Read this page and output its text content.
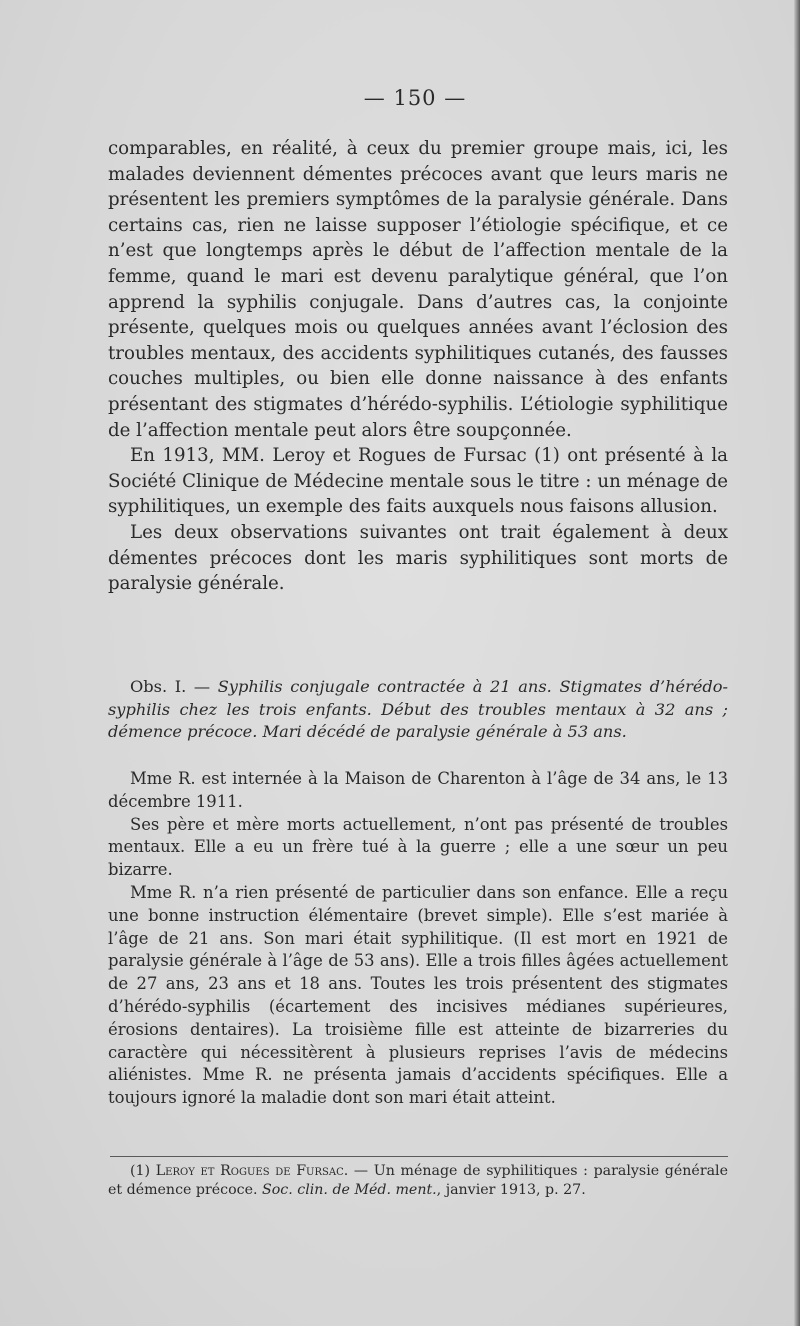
— 150 —

comparables, en réalité, à ceux du premier groupe mais, ici, les malades deviennent démentes précoces avant que leurs maris ne présentent les premiers symptômes de la paralysie générale. Dans certains cas, rien ne laisse supposer l’étiologie spécifique, et ce n’est que longtemps après le début de l’affection mentale de la femme, quand le mari est devenu paralytique général, que l’on apprend la syphilis conjugale. Dans d’autres cas, la conjointe présente, quelques mois ou quelques années avant l’éclosion des troubles mentaux, des accidents syphilitiques cutanés, des fausses couches multiples, ou bien elle donne naissance à des enfants présentant des stigmates d’hérédo-syphilis. L’étiologie syphilitique de l’affection mentale peut alors être soupçonnée.

En 1913, MM. Leroy et Rogues de Fursac (1) ont présenté à la Société Clinique de Médecine mentale sous le titre : un ménage de syphilitiques, un exemple des faits auxquels nous faisons allusion.

Les deux observations suivantes ont trait également à deux démentes précoces dont les maris syphilitiques sont morts de paralysie générale.

Obs. I. — Syphilis conjugale contractée à 21 ans. Stigmates d’hérédo-syphilis chez les trois enfants. Début des troubles mentaux à 32 ans ; démence précoce. Mari décédé de paralysie générale à 53 ans.

Mme R. est internée à la Maison de Charenton à l’âge de 34 ans, le 13 décembre 1911.

Ses père et mère morts actuellement, n’ont pas présenté de troubles mentaux. Elle a eu un frère tué à la guerre ; elle a une sœur un peu bizarre.

Mme R. n’a rien présenté de particulier dans son enfance. Elle a reçu une bonne instruction élémentaire (brevet simple). Elle s’est mariée à l’âge de 21 ans. Son mari était syphilitique. (Il est mort en 1921 de paralysie générale à l’âge de 53 ans). Elle a trois filles âgées actuellement de 27 ans, 23 ans et 18 ans. Toutes les trois présentent des stigmates d’hérédo-syphilis (écartement des incisives médianes supérieures, érosions dentaires). La troisième fille est atteinte de bizarreries du caractère qui nécessitèrent à plusieurs reprises l’avis de médecins aliénistes. Mme R. ne présenta jamais d’accidents spécifiques. Elle a toujours ignoré la maladie dont son mari était atteint.

(1) Leroy et Rogues de Fursac. — Un ménage de syphilitiques : paralysie générale et démence précoce. Soc. clin. de Méd. ment., janvier 1913, p. 27.
